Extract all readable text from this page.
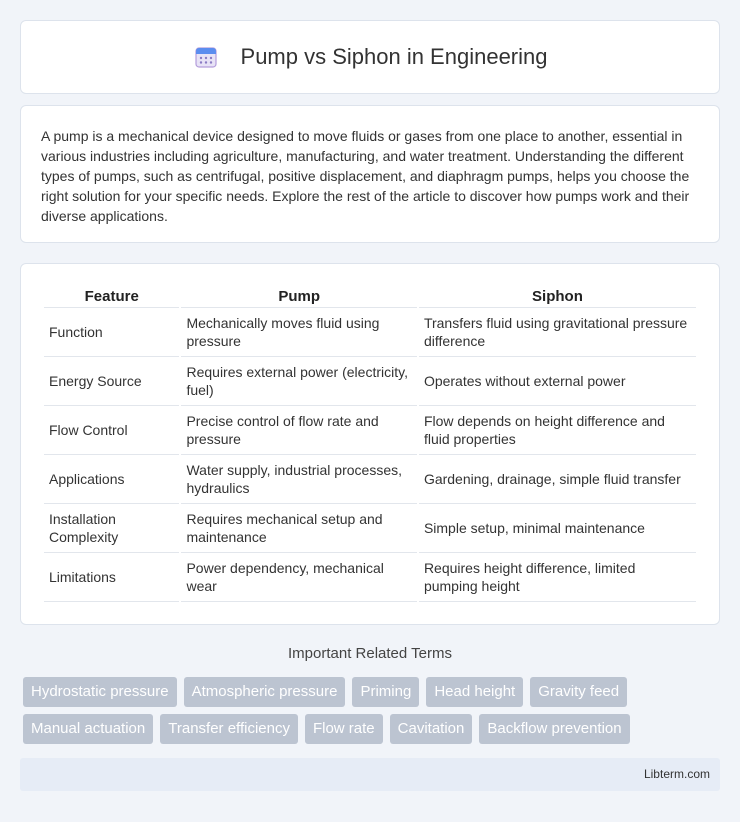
Pump vs Siphon in Engineering

A pump is a mechanical device designed to move fluids or gases from one place to another, essential in various industries including agriculture, manufacturing, and water treatment. Understanding the different types of pumps, such as centrifugal, positive displacement, and diaphragm pumps, helps you choose the right solution for your specific needs. Explore the rest of the article to discover how pumps work and their diverse applications.

Feature	Pump	Siphon
Function	Mechanically moves fluid using pressure	Transfers fluid using gravitational pressure difference
Energy Source	Requires external power (electricity, fuel)	Operates without external power
Flow Control	Precise control of flow rate and pressure	Flow depends on height difference and fluid properties
Applications	Water supply, industrial processes, hydraulics	Gardening, drainage, simple fluid transfer
Installation Complexity	Requires mechanical setup and maintenance	Simple setup, minimal maintenance
Limitations	Power dependency, mechanical wear	Requires height difference, limited pumping height
Important Related Terms
Hydrostatic pressure	Atmospheric pressure	Priming	Head height	Gravity feed
Manual actuation	Transfer efficiency	Flow rate	Cavitation	Backflow prevention
Libterm.com
